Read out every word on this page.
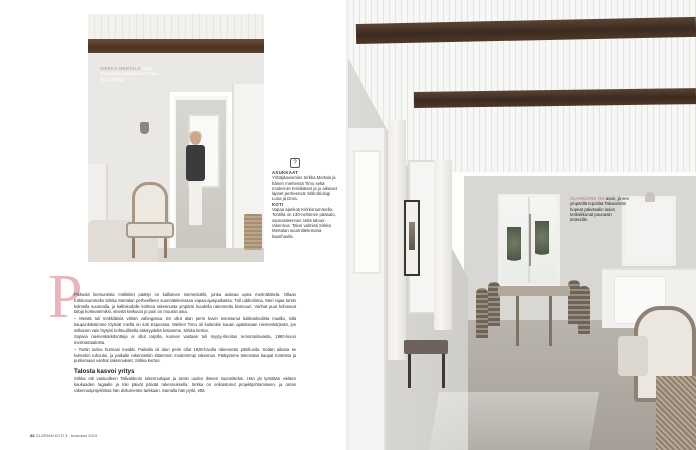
SIRKKA MERTALA valitsi sisustuksensaksalaisen Tiinan Tyyn sänkyä.
?
ASUKKAAT
Yrittäjäaviomies Sirkka Mertala ja hänen miehensä Timo sekä moderniin teiniikäiset ja jo aikuiset lapset perheensä: Mikrobiologi Luna ja Dora.
KOTI
Vapaa ajankoti Kirkkonummella. Tontilla on 130-neliöinen pääsalo, saunarakennus sekä talousrakennus. Talon valmisti Sirkka Mertalan suunnittelemana kaarihuvila.
P

Pikkusiä kiemuroista mökkitiet päättyi on kallioinen niemenkärki, jonka aukeaa upea merinäkötela. Ollaan Kirkkonummella Sirkka Mertalan perheellleen suunnittelemassa vapaa-ajanpaikassa. Tull uddenlinna, Meri rajaa tontin kolmella suunnalla, ja kalliokodolle kolmea rakennusta ympäröi huudella rakennettu kivimuuri. Vanhat puut kohoavat taloja korkeammiksi, sinertä kivikuvat jo puin on muusiin asia.

– Meistä tuli mökkiläisiä vähän vahingossa. En ollut alan perin kovin innostunut kakkoskodista maalla, sillä kaupunkikotimme löytivät meillä on koti Espoossa. Miehen Timo oli kuitenkin kauan ajatuksiaan niemenkärjestä, jos sellainen vain löytyisi kohtuulliselta etäisyydeltä kotiamme, Sirkka kertoo.

Sopivia niemenkärkitontteja ei ollut tarjolla, kunnes vastaan tuli myyty-ilmoitus remontoitavasta, 1960-luvun merirantatalosta.

– Tontin tarina hurmasi meidät. Paikalla oli alun perin ollut 1930-luvulla rakennettu pitsihuvila. Sodan aikana se kuitenkin tuhoutui, ja paikalle rakennettiin sittemmin modernimpi rakennus. Päätyimme tekemään kaupat tonteista ja purkamaan vanhat rakennukset, Sirkka kertoo.

Talosta kasvoi yritys

Sirkka otti vastuulleen Tallvaldenin rakennuttajan ja tontin uuden ilmeen suunnittelun. Hän jäi työstään vieläen kaukaaden ragaalle ja toki päivät päivää rakennuksella. Sirkka on erikoistunut projektijohtamiseen, ja oman rakennusprojektinsa hän dokumentoi tarkkaan. Samalla hän pyrki, että

22 GLORIAN KOTI 3 · toukokuu 2019
OLOHUONE ON avari, ja sen ympärillä lepotilat.Takaseinän hopeat päiväsalin lasiot teräsikkunat puunasin terassille.
